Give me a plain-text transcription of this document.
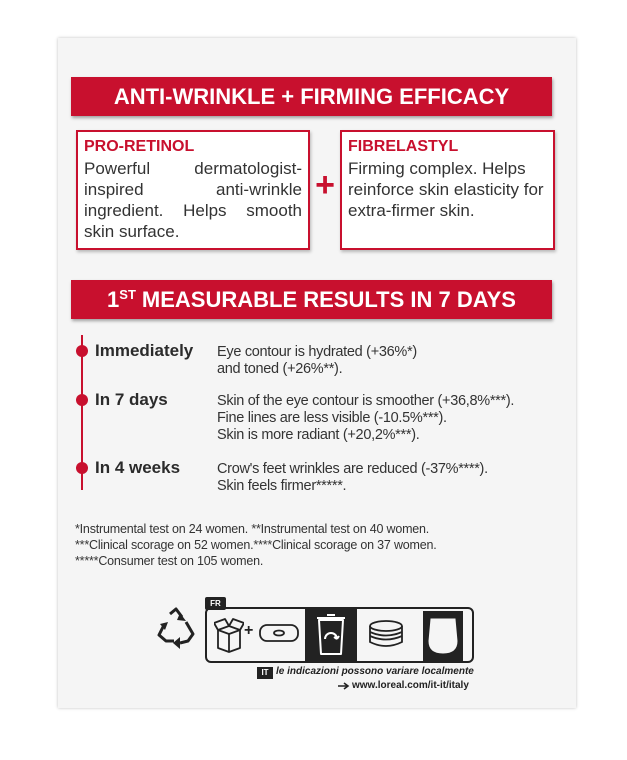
ANTI-WRINKLE + FIRMING EFFICACY
PRO-RETINOL
Powerful dermatologist-inspired anti-wrinkle ingredient. Helps smooth skin surface.
+
FIBRELASTYL
Firming complex. Helps reinforce skin elasticity for extra-firmer skin.
1ST MEASURABLE RESULTS IN 7 DAYS
Immediately Eye contour is hydrated (+36%*)
and toned (+26%**).
In 7 days	Skin of the eye contour is smoother (+36,8%***).
Fine lines are less visible (-10.5%***).
Skin is more radiant (+20,2%***).
In 4 weeks	Crow's feet wrinkles are reduced (-37%****).
Skin feels firmer*****.
*Instrumental test on 24 women. **Instrumental test on 40 women.
***Clinical scorage on 52 women.****Clinical scorage on 37 women.
*****Consumer test on 105 women.
FR
+
IT le indicazioni possono variare localmente
www.loreal.com/it-it/italy
